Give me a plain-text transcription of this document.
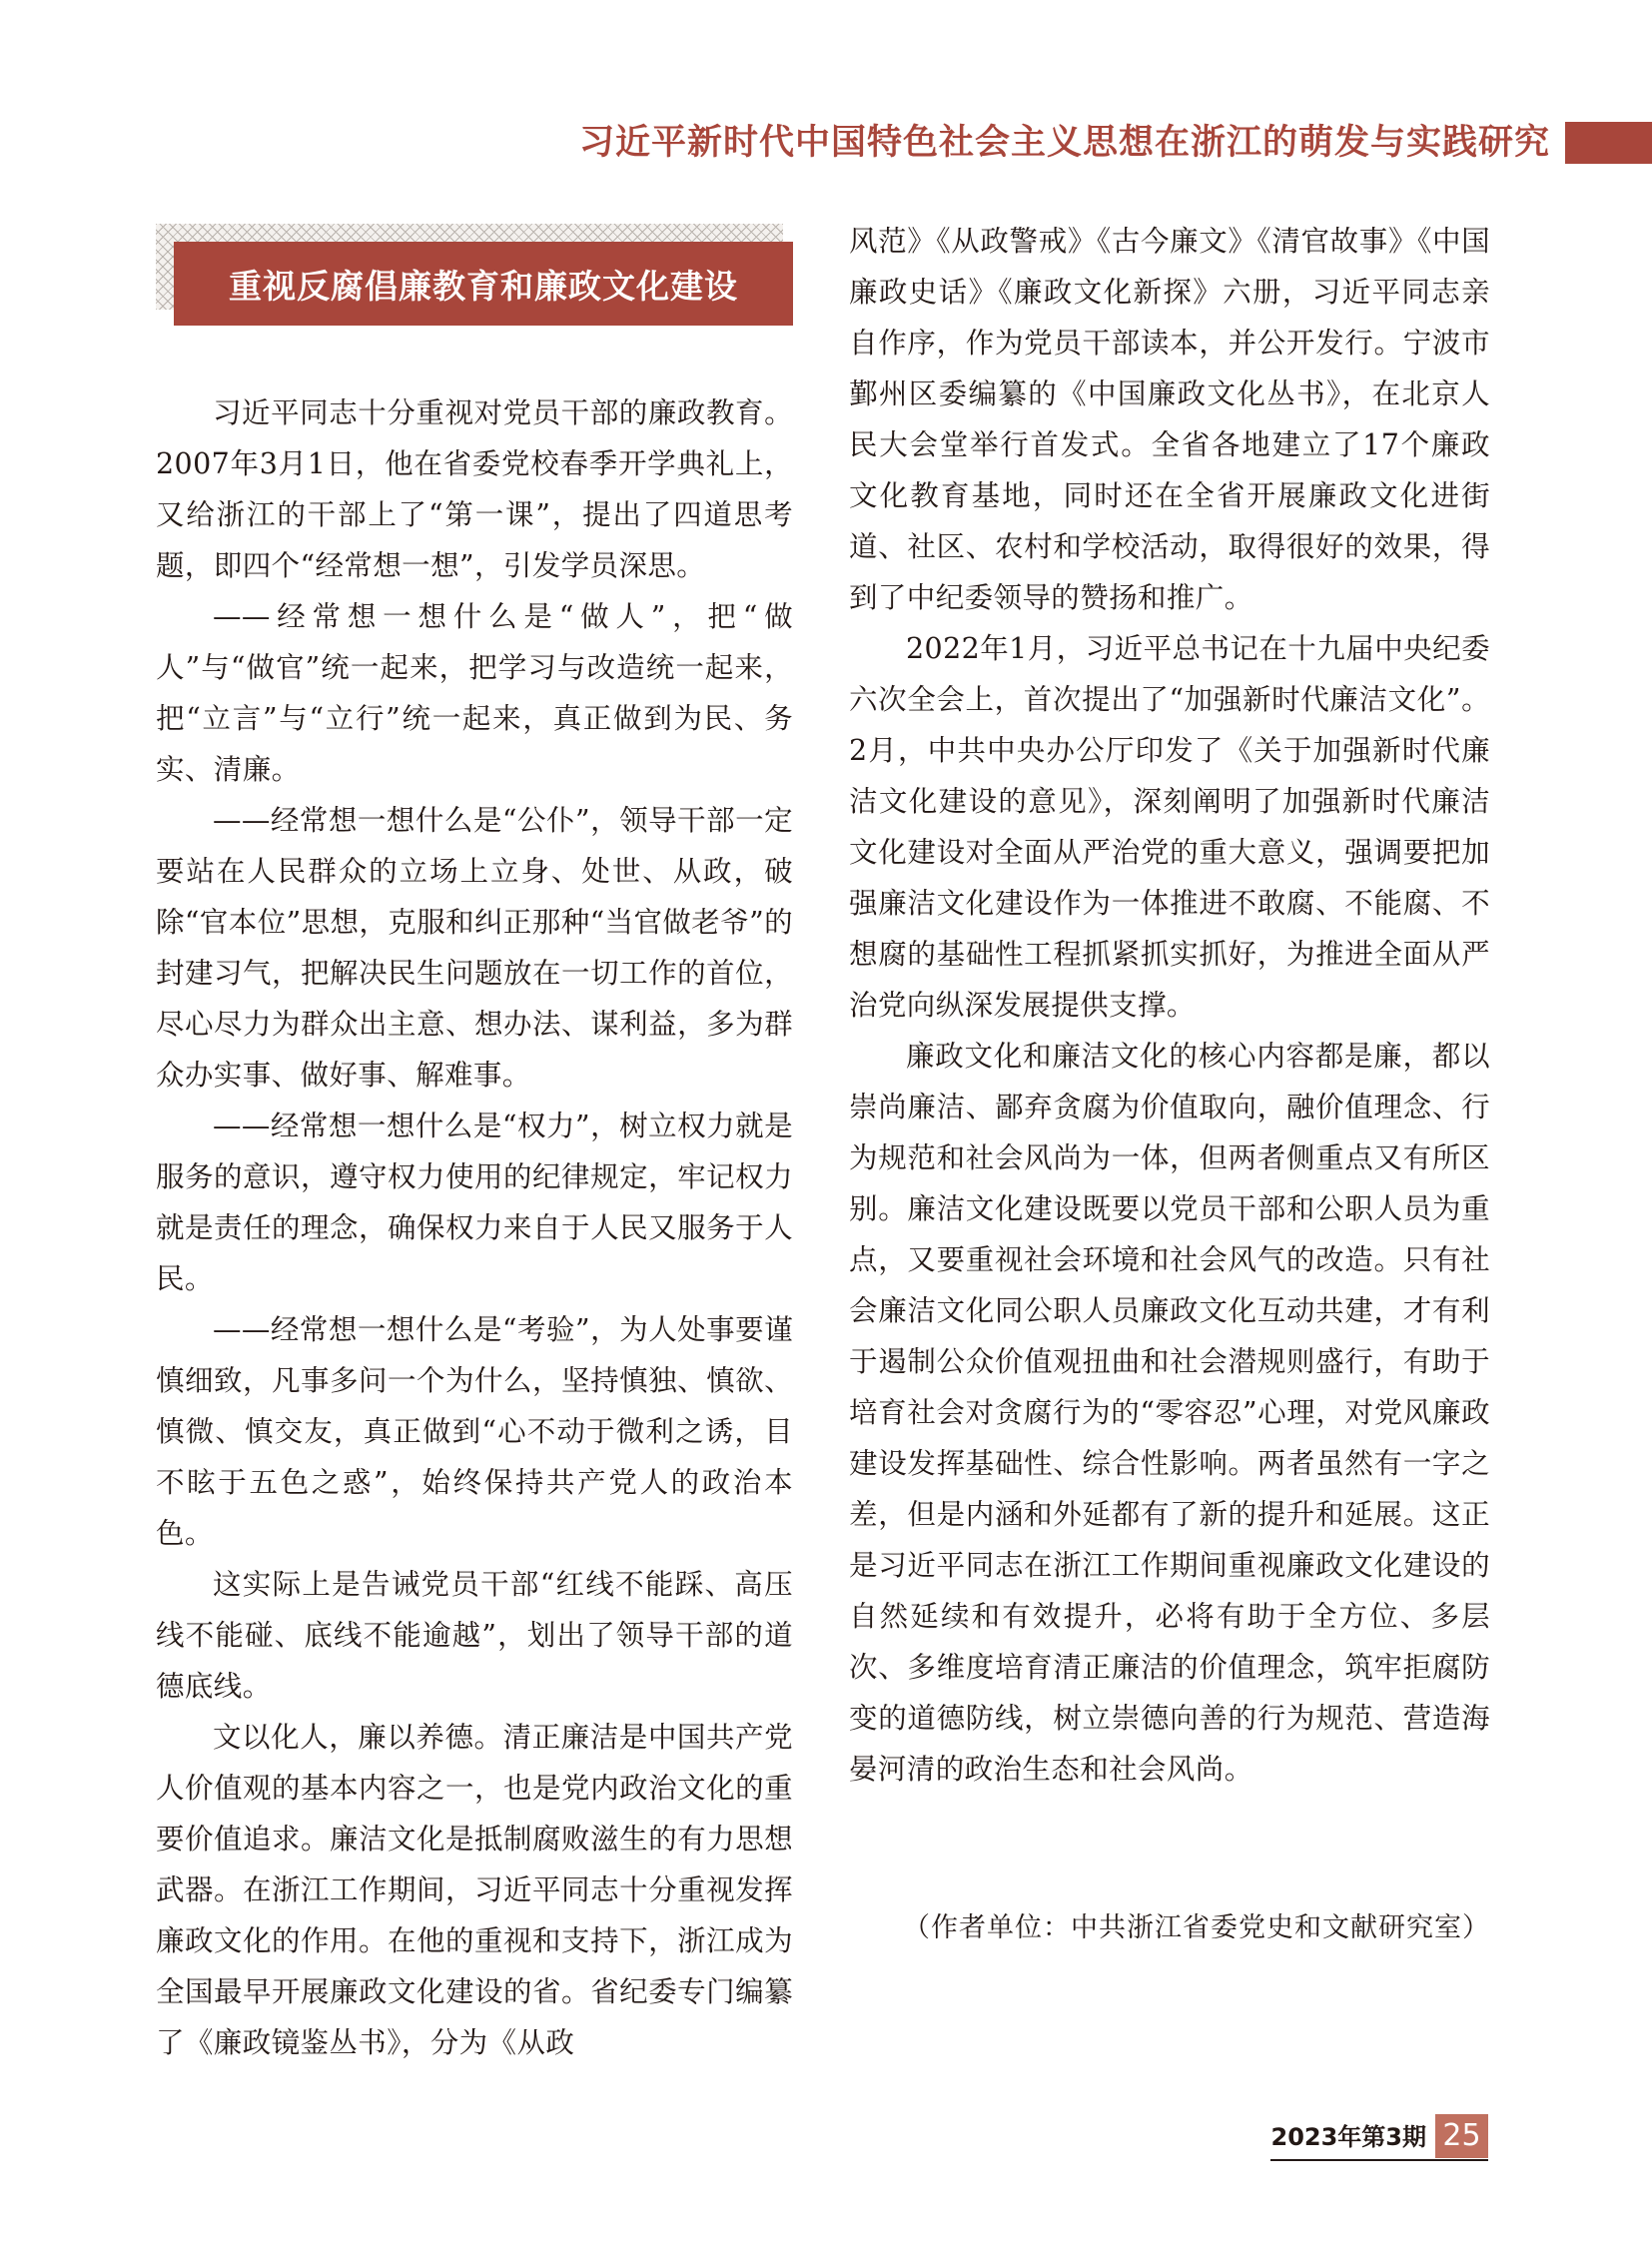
习近平新时代中国特色社会主义思想在浙江的萌发与实践研究
重视反腐倡廉教育和廉政文化建设

习近平同志十分重视对党员干部的廉政教育。2007年3月1日，他在省委党校春季开学典礼上，又给浙江的干部上了“第一课”，提出了四道思考题，即四个“经常想一想”，引发学员深思。

——经常想一想什么是“做人”，把“做人”与“做官”统一起来，把学习与改造统一起来，把“立言”与“立行”统一起来，真正做到为民、务实、清廉。

——经常想一想什么是“公仆”，领导干部一定要站在人民群众的立场上立身、处世、从政，破除“官本位”思想，克服和纠正那种“当官做老爷”的封建习气，把解决民生问题放在一切工作的首位，尽心尽力为群众出主意、想办法、谋利益，多为群众办实事、做好事、解难事。

——经常想一想什么是“权力”，树立权力就是服务的意识，遵守权力使用的纪律规定，牢记权力就是责任的理念，确保权力来自于人民又服务于人民。

——经常想一想什么是“考验”，为人处事要谨慎细致，凡事多问一个为什么，坚持慎独、慎欲、慎微、慎交友，真正做到“心不动于微利之诱，目不眩于五色之惑”，始终保持共产党人的政治本色。

这实际上是告诫党员干部“红线不能踩、高压线不能碰、底线不能逾越”，划出了领导干部的道德底线。

文以化人，廉以养德。清正廉洁是中国共产党人价值观的基本内容之一，也是党内政治文化的重要价值追求。廉洁文化是抵制腐败滋生的有力思想武器。在浙江工作期间，习近平同志十分重视发挥廉政文化的作用。在他的重视和支持下，浙江成为全国最早开展廉政文化建设的省。省纪委专门编纂了《廉政镜鉴丛书》，分为《从政

风范》《从政警戒》《古今廉文》《清官故事》《中国廉政史话》《廉政文化新探》六册，习近平同志亲自作序，作为党员干部读本，并公开发行。宁波市鄞州区委编纂的《中国廉政文化丛书》，在北京人民大会堂举行首发式。全省各地建立了17个廉政文化教育基地，同时还在全省开展廉政文化进街道、社区、农村和学校活动，取得很好的效果，得到了中纪委领导的赞扬和推广。

2022年1月，习近平总书记在十九届中央纪委六次全会上，首次提出了“加强新时代廉洁文化”。2月，中共中央办公厅印发了《关于加强新时代廉洁文化建设的意见》，深刻阐明了加强新时代廉洁文化建设对全面从严治党的重大意义，强调要把加强廉洁文化建设作为一体推进不敢腐、不能腐、不想腐的基础性工程抓紧抓实抓好，为推进全面从严治党向纵深发展提供支撑。

廉政文化和廉洁文化的核心内容都是廉，都以崇尚廉洁、鄙弃贪腐为价值取向，融价值理念、行为规范和社会风尚为一体，但两者侧重点又有所区别。廉洁文化建设既要以党员干部和公职人员为重点，又要重视社会环境和社会风气的改造。只有社会廉洁文化同公职人员廉政文化互动共建，才有利于遏制公众价值观扭曲和社会潜规则盛行，有助于培育社会对贪腐行为的“零容忍”心理，对党风廉政建设发挥基础性、综合性影响。两者虽然有一字之差，但是内涵和外延都有了新的提升和延展。这正是习近平同志在浙江工作期间重视廉政文化建设的自然延续和有效提升，必将有助于全方位、多层次、多维度培育清正廉洁的价值理念，筑牢拒腐防变的道德防线，树立崇德向善的行为规范、营造海晏河清的政治生态和社会风尚。

（作者单位：中共浙江省委党史和文献研究室）
2023年第3期 25
